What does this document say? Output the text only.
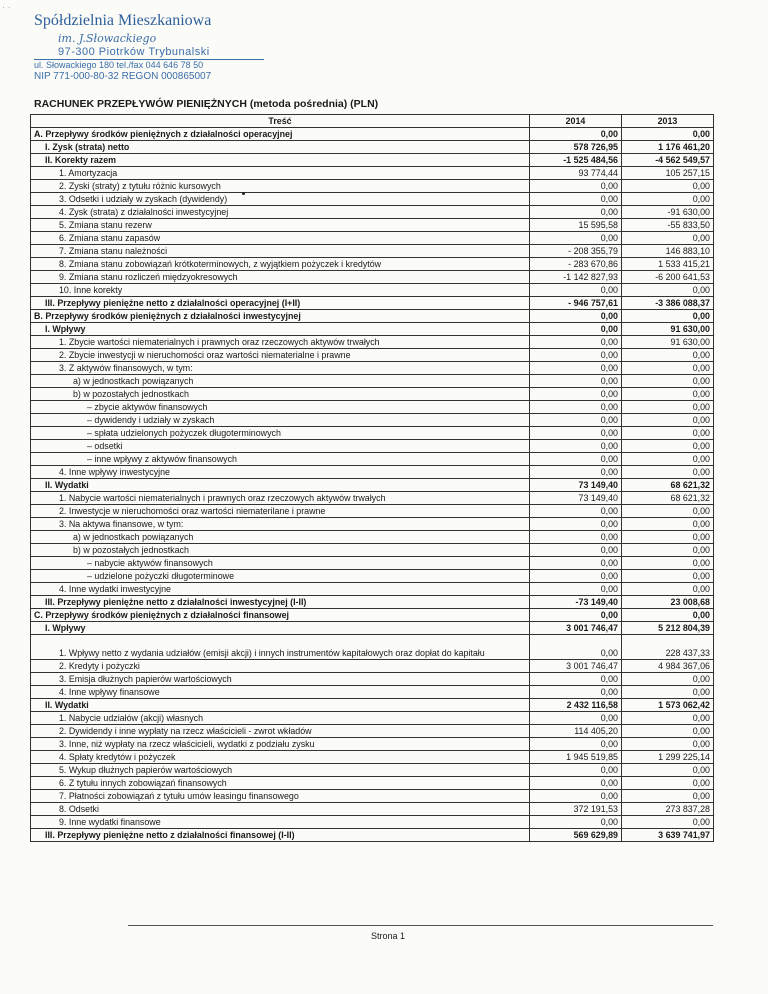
· ·
Spółdzielnia Mieszkaniowa
im. J.Słowackiego
97-300 Piotrków Trybunalski
ul. Słowackiego 180 tel./fax 044 646 78 50
NIP 771-000-80-32 REGON 000865007
RACHUNEK PRZEPŁYWÓW PIENIĘŻNYCH (metoda pośrednia) (PLN)
Treść	2014	2013
A. Przepływy środków pieniężnych z działalności operacyjnej	0,00	0,00
I. Zysk (strata) netto	578 726,95	1 176 461,20
II. Korekty razem	-1 525 484,56	-4 562 549,57
1. Amortyzacja	93 774,44	105 257,15
2. Zyski (straty) z tytułu różnic kursowych	0,00	0,00
3. Odsetki i udziały w zyskach (dywidendy)	0,00	0,00
4. Zysk (strata) z działalności inwestycyjnej	0,00	-91 630,00
5. Zmiana stanu rezerw	15 595,58	-55 833,50
6. Zmiana stanu zapasów	0,00	0,00
7. Zmiana stanu należności	- 208 355,79	146 883,10
8. Zmiana stanu zobowiązań krótkoterminowych, z wyjątkiem pożyczek i kredytów	- 283 670,86	1 533 415,21
9. Zmiana stanu rozliczeń międzyokresowych	-1 142 827,93	-6 200 641,53
10. Inne korekty	0,00	0,00
III. Przepływy pieniężne netto z działalności operacyjnej (I+II)	- 946 757,61	-3 386 088,37
B. Przepływy środków pieniężnych z działalności inwestycyjnej	0,00	0,00
I. Wpływy	0,00	91 630,00
1. Zbycie wartości niematerialnych i prawnych oraz rzeczowych aktywów trwałych	0,00	91 630,00
2. Zbycie inwestycji w nieruchomości oraz wartości niematerialne i prawne	0,00	0,00
3. Z aktywów finansowych, w tym:	0,00	0,00
a) w jednostkach powiązanych	0,00	0,00
b) w pozostałych jednostkach	0,00	0,00
– zbycie aktywów finansowych	0,00	0,00
– dywidendy i udziały w zyskach	0,00	0,00
– spłata udzielonych pożyczek długoterminowych	0,00	0,00
– odsetki	0,00	0,00
– inne wpływy z aktywów finansowych	0,00	0,00
4. Inne wpływy inwestycyjne	0,00	0,00
II. Wydatki	73 149,40	68 621,32
1. Nabycie wartości niematerialnych i prawnych oraz rzeczowych aktywów trwałych	73 149,40	68 621,32
2. Inwestycje w nieruchomości oraz wartości niematerilane i prawne	0,00	0,00
3. Na aktywa finansowe, w tym:	0,00	0,00
a) w jednostkach powiązanych	0,00	0,00
b) w pozostałych jednostkach	0,00	0,00
– nabycie aktywów finansowych	0,00	0,00
– udzielone pożyczki długoterminowe	0,00	0,00
4. Inne wydatki inwestycyjne	0,00	0,00
III. Przepływy pieniężne netto z działalności inwestycyjnej (I-II)	-73 149,40	23 008,68
C. Przepływy środków pieniężnych z działalności finansowej	0,00	0,00
I. Wpływy	3 001 746,47	5 212 804,39
1. Wpływy netto z wydania udziałów (emisji akcji) i innych instrumentów kapitałowych oraz dopłat do kapitału	0,00	228 437,33
2. Kredyty i pożyczki	3 001 746,47	4 984 367,06
3. Emisja dłużnych papierów wartościowych	0,00	0,00
4. Inne wpływy finansowe	0,00	0,00
II. Wydatki	2 432 116,58	1 573 062,42
1. Nabycie udziałów (akcji) własnych	0,00	0,00
2. Dywidendy i inne wypłaty na rzecz właścicieli - zwrot wkładów	114 405,20	0,00
3. Inne, niż wypłaty na rzecz właścicieli, wydatki z podziału zysku	0,00	0,00
4. Spłaty kredytów i pożyczek	1 945 519,85	1 299 225,14
5. Wykup dłużnych papierów wartościowych	0,00	0,00
6. Z tytułu innych zobowiązań finansowych	0,00	0,00
7. Płatności zobowiązań z tytułu umów leasingu finansowego	0,00	0,00
8. Odsetki	372 191,53	273 837,28
9. Inne wydatki finansowe	0,00	0,00
III. Przepływy pieniężne netto z działalności finansowej (I-II)	569 629,89	3 639 741,97
Strona 1
